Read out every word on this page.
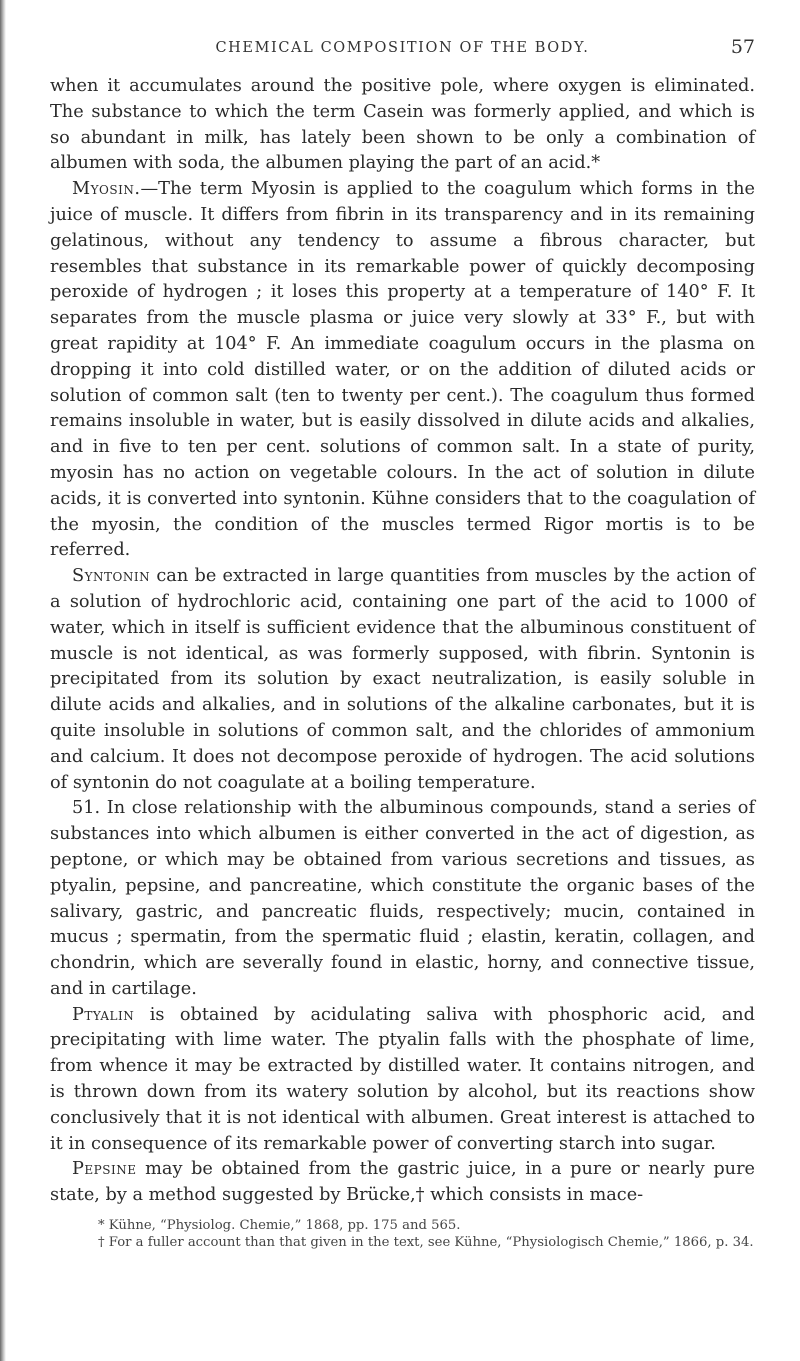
CHEMICAL COMPOSITION OF THE BODY.	57

when it accumulates around the positive pole, where oxygen is eliminated. The substance to which the term Casein was formerly applied, and which is so abundant in milk, has lately been shown to be only a combination of albumen with soda, the albumen playing the part of an acid.*

Myosin.—The term Myosin is applied to the coagulum which forms in the juice of muscle. It differs from fibrin in its transparency and in its remaining gelatinous, without any tendency to assume a fibrous character, but resembles that substance in its remarkable power of quickly decomposing peroxide of hydrogen ; it loses this property at a temperature of 140° F. It separates from the muscle plasma or juice very slowly at 33° F., but with great rapidity at 104° F. An immediate coagulum occurs in the plasma on dropping it into cold distilled water, or on the addition of diluted acids or solution of common salt (ten to twenty per cent.). The coagulum thus formed remains insoluble in water, but is easily dissolved in dilute acids and alkalies, and in five to ten per cent. solutions of common salt. In a state of purity, myosin has no action on vegetable colours. In the act of solution in dilute acids, it is converted into syntonin. Kühne considers that to the coagulation of the myosin, the condition of the muscles termed Rigor mortis is to be referred.

Syntonin can be extracted in large quantities from muscles by the action of a solution of hydrochloric acid, containing one part of the acid to 1000 of water, which in itself is sufficient evidence that the albuminous constituent of muscle is not identical, as was formerly supposed, with fibrin. Syntonin is precipitated from its solution by exact neutralization, is easily soluble in dilute acids and alkalies, and in solutions of the alkaline carbonates, but it is quite insoluble in solutions of common salt, and the chlorides of ammonium and calcium. It does not decompose peroxide of hydrogen. The acid solutions of syntonin do not coagulate at a boiling temperature.

51. In close relationship with the albuminous compounds, stand a series of substances into which albumen is either converted in the act of digestion, as peptone, or which may be obtained from various secretions and tissues, as ptyalin, pepsine, and pancreatine, which constitute the organic bases of the salivary, gastric, and pancreatic fluids, respectively; mucin, contained in mucus ; spermatin, from the spermatic fluid ; elastin, keratin, collagen, and chondrin, which are severally found in elastic, horny, and connective tissue, and in cartilage.

Ptyalin is obtained by acidulating saliva with phosphoric acid, and precipitating with lime water. The ptyalin falls with the phosphate of lime, from whence it may be extracted by distilled water. It contains nitrogen, and is thrown down from its watery solution by alcohol, but its reactions show conclusively that it is not identical with albumen. Great interest is attached to it in consequence of its remarkable power of converting starch into sugar.

Pepsine may be obtained from the gastric juice, in a pure or nearly pure state, by a method suggested by Brücke,† which consists in mace-

* Kühne, “Physiolog. Chemie,” 1868, pp. 175 and 565.

† For a fuller account than that given in the text, see Kühne, “Physiologisch Chemie,” 1866, p. 34.
